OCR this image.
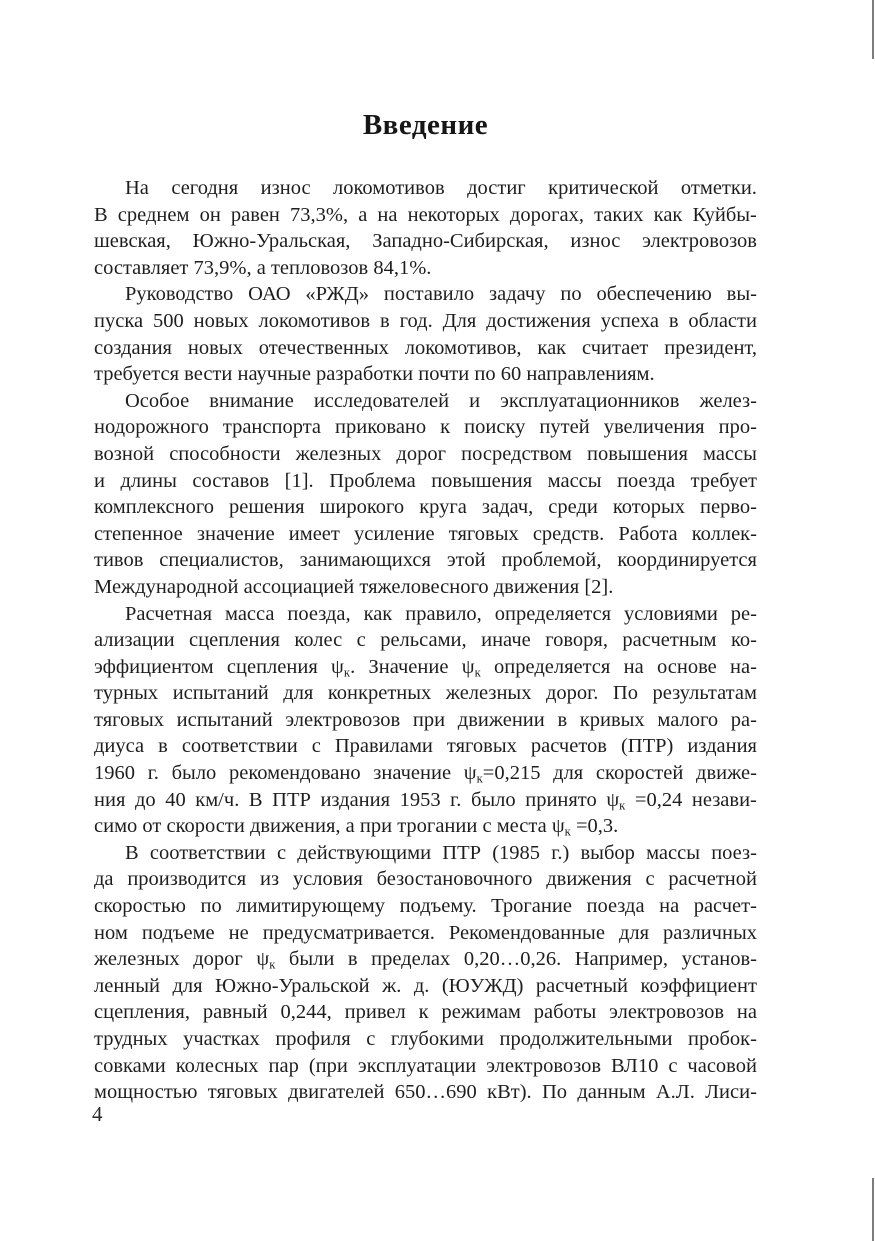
Введение
На сегодня износ локомотивов достиг критической отметки.
В среднем он равен 73,3%, а на некоторых дорогах, таких как Куйбы-
шевская, Южно-Уральская, Западно-Сибирская, износ электровозов
составляет 73,9%, а тепловозов 84,1%.
Руководство ОАО «РЖД» поставило задачу по обеспечению вы-
пуска 500 новых локомотивов в год. Для достижения успеха в области
создания новых отечественных локомотивов, как считает президент,
требуется вести научные разработки почти по 60 направлениям.
Особое внимание исследователей и эксплуатационников желез-
нодорожного транспорта приковано к поиску путей увеличения про-
возной способности железных дорог посредством повышения массы
и длины составов [1]. Проблема повышения массы поезда требует
комплексного решения широкого круга задач, среди которых перво-
степенное значение имеет усиление тяговых средств. Работа коллек-
тивов специалистов, занимающихся этой проблемой, координируется
Международной ассоциацией тяжеловесного движения [2].
Расчетная масса поезда, как правило, определяется условиями ре-
ализации сцепления колес с рельсами, иначе говоря, расчетным ко-
эффициентом сцепления $\psi_к$. Значение $\psi_к$ определяется на основе на-
турных испытаний для конкретных железных дорог. По результатам
тяговых испытаний электровозов при движении в кривых малого ра-
диуса в соответствии с Правилами тяговых расчетов (ПТР) издания
1960 г. было рекомендовано значение $\psi_к=0,215$ для скоростей движе-
ния до 40 км/ч. В ПТР издания 1953 г. было принято $\psi_к =0,24$ незави-
симо от скорости движения, а при трогании с места $\psi_к =0,3$.
В соответствии с действующими ПТР (1985 г.) выбор массы поез-
да производится из условия безостановочного движения с расчетной
скоростью по лимитирующему подъему. Трогание поезда на расчет-
ном подъеме не предусматривается. Рекомендованные для различных
железных дорог $\psi_к$ были в пределах 0,20…0,26. Например, установ-
ленный для Южно-Уральской ж. д. (ЮУЖД) расчетный коэффициент
сцепления, равный 0,244, привел к режимам работы электровозов на
трудных участках профиля с глубокими продолжительными пробок-
совками колесных пар (при эксплуатации электровозов ВЛ10 с часовой
мощностью тяговых двигателей 650…690 кВт). По данным А.Л. Лиси-
4
